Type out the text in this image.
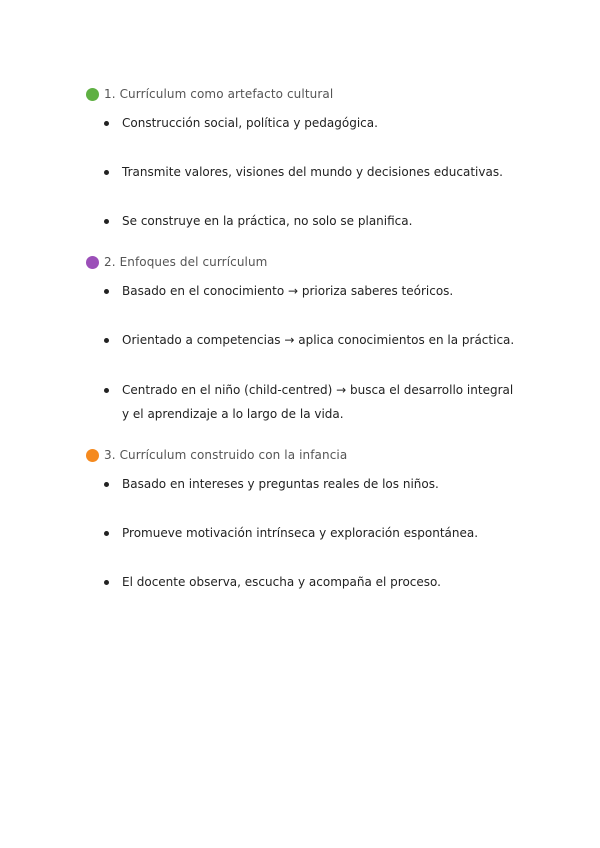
1. Currículum como artefacto cultural
Construcción social, política y pedagógica.
Transmite valores, visiones del mundo y decisiones educativas.
Se construye en la práctica, no solo se planifica.
2. Enfoques del currículum
Basado en el conocimiento → prioriza saberes teóricos.
Orientado a competencias → aplica conocimientos en la práctica.
Centrado en el niño (child-centred) → busca el desarrollo integral y el aprendizaje a lo largo de la vida.
3. Currículum construido con la infancia
Basado en intereses y preguntas reales de los niños.
Promueve motivación intrínseca y exploración espontánea.
El docente observa, escucha y acompaña el proceso.
